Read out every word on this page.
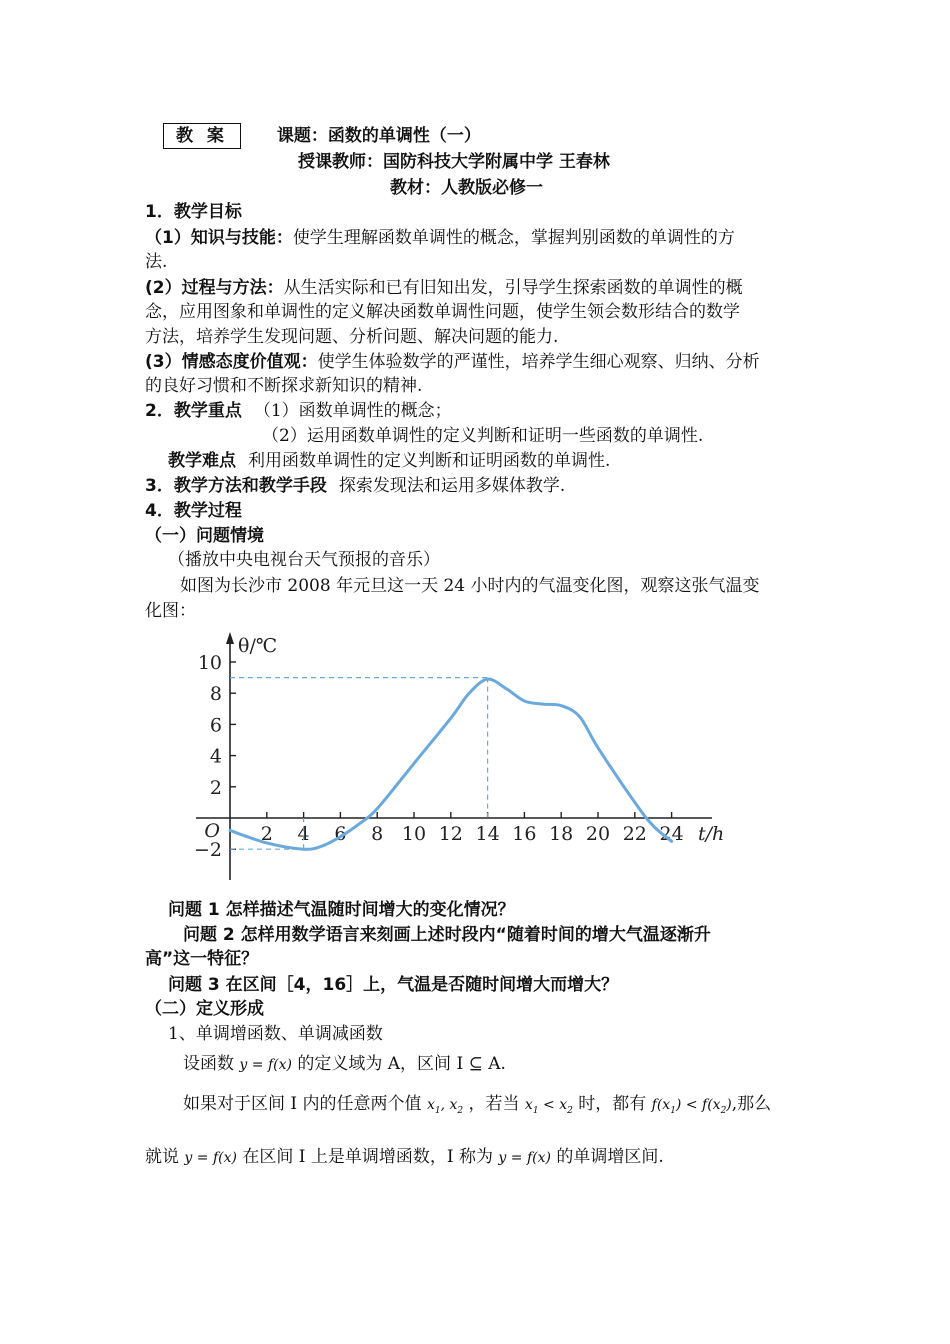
教 案	课题：函数的单调性（一）
授课教师：国防科技大学附属中学 王春林
教材：人教版必修一
1．教学目标
（1）知识与技能：使学生理解函数单调性的概念，掌握判别函数的单调性的方
法.
(2）过程与方法：从生活实际和已有旧知出发，引导学生探索函数的单调性的概
念，应用图象和单调性的定义解决函数单调性问题，使学生领会数形结合的数学
方法，培养学生发现问题、分析问题、解决问题的能力.
(3）情感态度价值观：使学生体验数学的严谨性，培养学生细心观察、归纳、分析
的良好习惯和不断探求新知识的精神.
2．教学重点 （1）函数单调性的概念；
（2）运用函数单调性的定义判断和证明一些函数的单调性.
教学难点 利用函数单调性的定义判断和证明函数的单调性.
3．教学方法和教学手段 探索发现法和运用多媒体教学.
4．教学过程
（一）问题情境
（播放中央电视台天气预报的音乐）
如图为长沙市 2008 年元旦这一天 24 小时内的气温变化图，观察这张气温变
化图：
−2
2
4
6
8
10
2 4 6 8 10 12 14 16 18 20 22 24
O
θ/℃
t/h
问题 1 怎样描述气温随时间增大的变化情况？
问题 2 怎样用数学语言来刻画上述时段内“随着时间的增大气温逐渐升
高”这一特征？
问题 3 在区间［4，16］上，气温是否随时间增大而增大？
（二）定义形成
1、单调增函数、单调减函数
设函数 y = f(x) 的定义域为 A，区间 I ⊆ A.
如果对于区间 I 内的任意两个值 $x_1$, $x_2$ ，若当 $x_1 < x_2$ 时，都有 $f(x_1) < f(x_2)$,那么
就说 y = f(x) 在区间 I 上是单调增函数，I 称为 y = f(x) 的单调增区间.
